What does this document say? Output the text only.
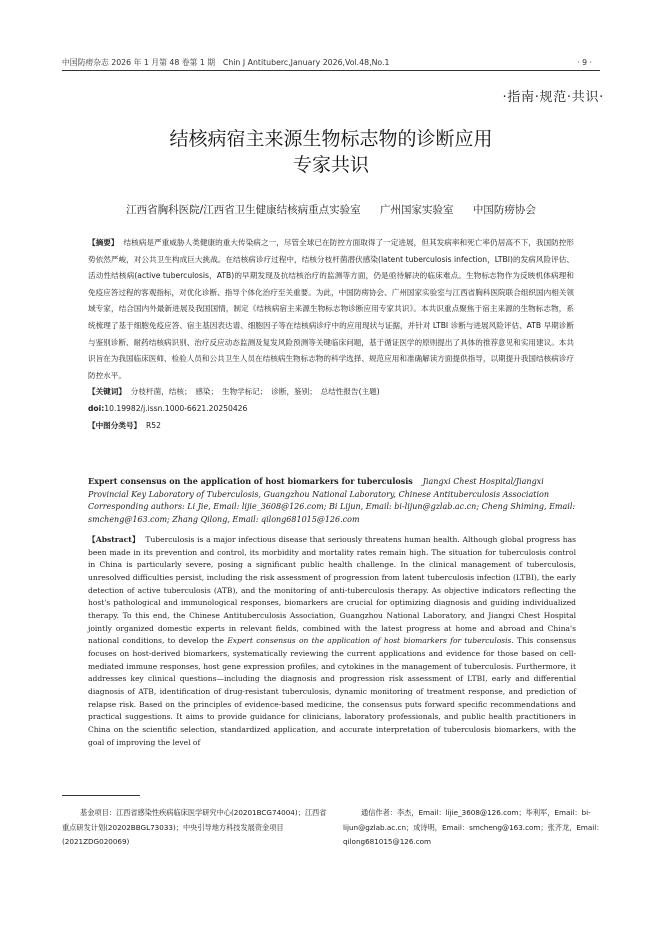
中国防痨杂志 2026 年 1 月第 48 卷第 1 期　Chin J Antituberc,January 2026,Vol.48,No.1	· 9 ·
·指南·规范·共识·
结核病宿主来源生物标志物的诊断应用
专家共识
江西省胸科医院/江西省卫生健康结核病重点实验室 广州国家实验室 中国防痨协会

【摘要】 结核病是严重威胁人类健康的重大传染病之一，尽管全球已在防控方面取得了一定进展，但其发病率和死亡率仍居高不下，我国防控形势依然严峻，对公共卫生构成巨大挑战。在结核病诊疗过程中，结核分枝杆菌潜伏感染(latent tuberculosis infection，LTBI)的发病风险评估、活动性结核病(active tuberculosis，ATB)的早期发现及抗结核治疗的监测等方面，仍是亟待解决的临床难点。生物标志物作为反映机体病理和免疫应答过程的客观指标，对优化诊断、指导个体化治疗至关重要。为此，中国防痨协会、广州国家实验室与江西省胸科医院联合组织国内相关领域专家，结合国内外最新进展及我国国情，制定《结核病宿主来源生物标志物诊断应用专家共识》。本共识重点聚焦于宿主来源的生物标志物，系统梳理了基于细胞免疫应答、宿主基因表达谱、细胞因子等在结核病诊疗中的应用现状与证据，并针对 LTBI 诊断与进展风险评估、ATB 早期诊断与鉴别诊断、耐药结核病识别、治疗反应动态监测及复发风险预测等关键临床问题，基于循证医学的原则提出了具体的推荐意见和实用建议。本共识旨在为我国临床医师、检验人员和公共卫生人员在结核病生物标志物的科学选择、规范应用和准确解读方面提供指导，以期提升我国结核病诊疗防控水平。

【关键词】 分枝杆菌，结核；　感染；　生物学标记；　诊断，鉴别；　总结性报告(主题)

doi:10.19982/j.issn.1000-6621.20250426

【中图分类号】 R52

Expert consensus on the application of host biomarkers for tuberculosis Jiangxi Chest Hospital/Jiangxi Provincial Key Laboratory of Tuberculosis, Guangzhou National Laboratory, Chinese Antituberculosis Association
Corresponding authors: Li Jie, Email: lijie_3608@126.com; Bi Lijun, Email: bi-lijun@gzlab.ac.cn; Cheng Shiming, Email: smcheng@163.com; Zhang Qilong, Email: qilong681015@126.com

【Abstract】 Tuberculosis is a major infectious disease that seriously threatens human health. Although global progress has been made in its prevention and control, its morbidity and mortality rates remain high. The situation for tuberculosis control in China is particularly severe, posing a significant public health challenge. In the clinical management of tuberculosis, unresolved difficulties persist, including the risk assessment of progression from latent tuberculosis infection (LTBI), the early detection of active tuberculosis (ATB), and the monitoring of anti-tuberculosis therapy. As objective indicators reflecting the host's pathological and immunological responses, biomarkers are crucial for optimizing diagnosis and guiding individualized therapy. To this end, the Chinese Antituberculosis Association, Guangzhou National Laboratory, and Jiangxi Chest Hospital jointly organized domestic experts in relevant fields, combined with the latest progress at home and abroad and China's national conditions, to develop the Expert consensus on the application of host biomarkers for tuberculosis. This consensus focuses on host-derived biomarkers, systematically reviewing the current applications and evidence for those based on cell-mediated immune responses, host gene expression profiles, and cytokines in the management of tuberculosis. Furthermore, it addresses key clinical questions—including the diagnosis and progression risk assessment of LTBI, early and differential diagnosis of ATB, identification of drug-resistant tuberculosis, dynamic monitoring of treatment response, and prediction of relapse risk. Based on the principles of evidence-based medicine, the consensus puts forward specific recommendations and practical suggestions. It aims to provide guidance for clinicians, laboratory professionals, and public health practitioners in China on the scientific selection, standardized application, and accurate interpretation of tuberculosis biomarkers, with the goal of improving the level of

基金项目：江西省感染性疾病临床医学研究中心(20201BCG74004)；江西省重点研发计划(20202BBGL73033)；中央引导地方科技发展资金项目(2021ZDG020069)
通信作者：李杰，Email：lijie_3608@126.com；毕利军，Email：bi-lijun@gzlab.ac.cn；成诗明，Email：smcheng@163.com；张齐龙，Email：qilong681015@126.com
